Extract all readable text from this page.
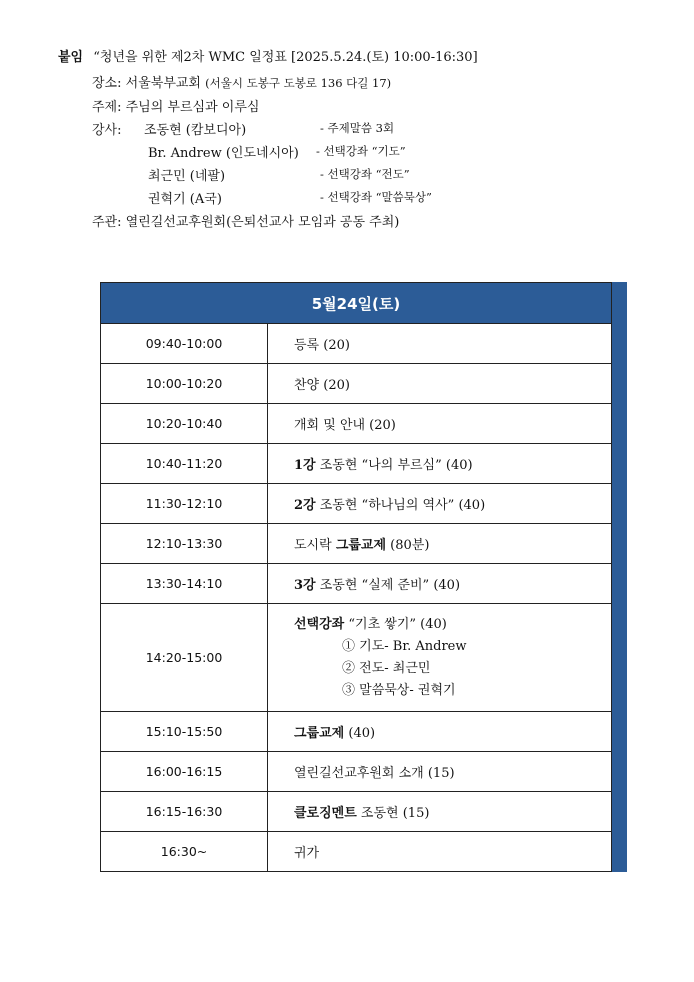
붙임 “청년을 위한 제2차 WMC 일정표 [2025.5.24.(토) 10:00-16:30]
장소: 서울북부교회 (서울시 도봉구 도봉로 136 다길 17)
주제: 주님의 부르심과 이루심
강사: 조동현 (캄보디아)	- 주제말씀 3회
Br. Andrew (인도네시아) - 선택강좌 “기도”
최근민 (네팔)	- 선택강좌 “전도”
권혁기 (A국)	- 선택강좌 “말씀묵상”
주관: 열린길선교후원회(은퇴선교사 모임과 공동 주최)
5월24일(토)	
09:40-10:00	등록 (20)
10:00-10:20	찬양 (20)
10:20-10:40	개회 및 안내 (20)
10:40-11:20	1강 조동현 “나의 부르심” (40)
11:30-12:10	2강 조동현 “하나님의 역사” (40)
12:10-13:30	도시락 그룹교제 (80분)
13:30-14:10	3강 조동현 “실제 준비” (40)
14:20-15:00	선택강좌 “기초 쌓기” (40)
① 기도- Br. Andrew
② 전도- 최근민
③ 말씀묵상- 권혁기

15:10-15:50	그룹교제 (40)
16:00-16:15	열린길선교후원회 소개 (15)
16:15-16:30	클로징멘트 조동현 (15)
16:30~	귀가
